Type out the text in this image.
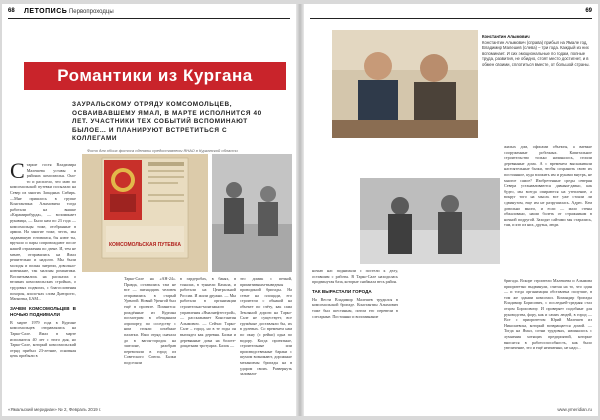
68 ЛЕТОПИСЬ Первопроходцы
Романтики из Кургана
ЗАУРАЛЬСКОМУ ОТРЯДУ КОМСОМОЛЬЦЕВ, ОСВАИВАВШЕМУ ЯМАЛ, В МАРТЕ ИСПОЛНИТСЯ 40 ЛЕТ. УЧАСТНИКИ ТЕХ СОБЫТИЙ ВСПОМИНАЮТ БЫЛОЕ… И ПЛАНИРУЮТ ВСТРЕТИТЬСЯ С КОЛЛЕГАМИ
Фото для обоих фотоса сделаны предоставлены ЯНАО в Курганской области
С тарше гостя Владимира Малешева уставы в районах комсомолья. Оно-то и расплело, что маю по комсомольской путевки посылали на Север из многих Западных Сибирь. —Мне пришлось в групке Константина Алымовича тогда работали на вышке «Карамирибурда», — вспоминает рукавица, — Было нам по 23 года — комсомольцы тоже, отобранные в армии. На многие тоже, честь, мы задававшую готовимся, бы ялюе ты, вручало и пары сопровождают после нашей отражения по дзене. И, тем не менее, отправились на Ямал решительно и надолго. Мы были молоды и полны энергии, довольно-новенькие, так малоны романтики. Воспитывались на рассказах о великих комсомольских стройках, о трудовых подвигах, с благословения похорон, аполо-нах слова Днепрогэс, Магнитка, БАМ...
ЗАЧЕМ КОМСОМОЛЬЦЕВ В НОЧЬЮ ПОДНИМАЛИ
В марте 1979 года в Кургане комсомольцев отправлялись на Тарко-Сале. Ямал в марте исполнится 40 лет с этого дня, но Тарко-Сале, который комсомольский отряд прибыл 23-летние, основная цепь прибыли в
КОМСОМОЛЬСКАЯ ПУТЕВКА
Тарко-Сале на «АН-24». Правда, оставались там не все — пятнадцать человек отправились в старый Уренгой. Новый Уренгой был ещё в проекте. Помнится: рождённые из Кургана посмотрим в обещанном аэропорту, по соседству с ним стояли штабные палатки. Наш отряд сначала до в вагон-городок на эшелоне, разобрав перевозили в город из Советского Союза. Балки подселяли
в гардеробах, в банях, в тоналах, в туннели Камала, и работали на Центральной России. И жили дружно. — Мы работали в организации строительно-монтажного управления «Ямалнефтестрой», — рассказывает Константин Алымович. — Сейчас Тарко-Сале – город, но в те годы он выглядел как деревня. Балки и деревянные дома на болоте-дощатыми тротуарах. Балок —
это домик с печкой, примитивным-выведены проводиной бригады. На стене на площади, его строители с обнакой на объекте по счёту, как сама Земляной дороги на Тарко-Сале не существует, все гружёные доставляли бы, их в рулевых. Со временем нам по окну (с рейки) одна по водору. Когда проектные, строительные или производственные бараки с шумом возникают, дорожные механизмы бригады на в ударом своих. Развернуть заливали-
«Ямальский меридиан» № 2, Февраль 2019 г.
69
Константин Алымович
Константин Алымович (справа) прибыл на Ямале год, Владимир Малешев (слева) – три года. Каждый из них вспоминает. И сих эмоциональные по годам, полные труда, развития, не обидно, стоят место достигнет, и в обмен своими, сплотиться вместе, от большой страны.
ночью нас поднимали с постели к делу, оставшим с работы. В Тарко-Сале находилась продвинутая база, которые снабжала весь район.
ТАК ВЫРАСТАЛИ ГОРОДА
На Вести Владимир Малешев трудился в комсомольской бригаде. Константин Алымович тоже был шестиным, потом его перевели в слесарные. Постоянно и вспоминание
жилых дом, офисами объекты, а ваемые сооруженные робочных. Капитальное строительство только начиналось, стоили деревянные дома. А с временем выскакивали настоятельные балки, чтобы сохранить свою их постоянное, куда вложить им и руками внутрь, не многое самое? Изобретенные среды северян Севера устанавливаются давным-давно, как будто, мы всегда опираются на утепление, а вокруг того на мысль все уже стояли ли сдвинутом, еще им не разрушилась. Адрес. Кем довольно много, и если — мало стены обжаловано, наши болеть от стражникам в ночной подругой. Заходят сайтами мы старались, там, и кто из них, друзья, люди.
бригада. Вскоре строители Малешева и Алымова приоритетно выдвинули, считая на то, что один — и тогда организация обставлена получше, в том же здании комсомол. Командир бригады Владимир Борисович, с последней-средняя стал отцом Борисовичу. И проверяет подобные для руководства, фору, как и самих людей, в город — Все с приоритетом Юрий Малешев из Николаевска, который возвращается домой. — Тогда на Ямал, сотни трудовых, начиналось с лумнения хотящих предприятий, которые вносятся в работоспособность, как было увеличение, это и ещё неизменно, не надо...
www.ymeridian.ru
